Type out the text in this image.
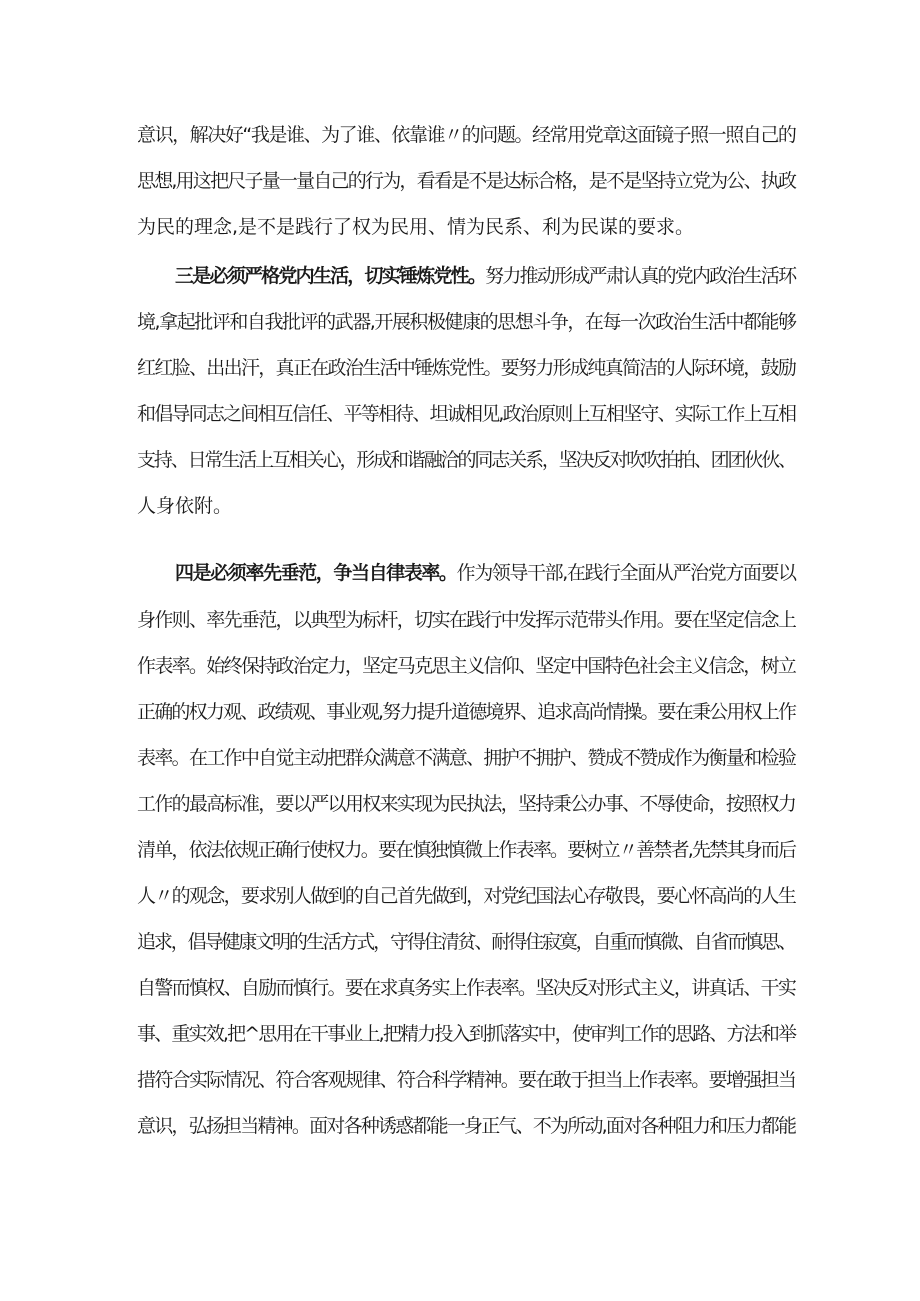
意识，解决好“我是谁、为了谁、依靠谁〃的问题。经常用党章这面镜子照一照自己的
思想,用这把尺子量一量自己的行为，看看是不是达标合格，是不是坚持立党为公、执政
为民的理念,是不是践行了权为民用、情为民系、利为民谋的要求。
三是必须严格党内生活，切实锤炼党性。努力推动形成严肃认真的党内政治生活环
境,拿起批评和自我批评的武器,开展积极健康的思想斗争，在每一次政治生活中都能够
红红脸、出出汗，真正在政治生活中锤炼党性。要努力形成纯真简洁的人际环境，鼓励
和倡导同志之间相互信任、平等相待、坦诚相见,政治原则上互相坚守、实际工作上互相
支持、日常生活上互相关心，形成和谐融洽的同志关系，坚决反对吹吹拍拍、团团伙伙、
人身依附。
四是必须率先垂范，争当自律表率。作为领导干部,在践行全面从严治党方面要以
身作则、率先垂范，以典型为标杆，切实在践行中发挥示范带头作用。要在坚定信念上
作表率。始终保持政治定力，坚定马克思主义信仰、坚定中国特色社会主义信念，树立
正确的权力观、政绩观、事业观,努力提升道德境界、追求高尚情操。要在秉公用权上作
表率。在工作中自觉主动把群众满意不满意、拥护不拥护、赞成不赞成作为衡量和检验
工作的最高标准，要以严以用权来实现为民执法，坚持秉公办事、不辱使命，按照权力
清单，依法依规正确行使权力。要在慎独慎微上作表率。要树立〃善禁者,先禁其身而后
人〃的观念，要求别人做到的自己首先做到，对党纪国法心存敬畏，要心怀高尚的人生
追求，倡导健康文明的生活方式，守得住清贫、耐得住寂寞，自重而慎微、自省而慎思、
自警而慎权、自励而慎行。要在求真务实上作表率。坚决反对形式主义，讲真话、干实
事、重实效,把^思用在干事业上,把精力投入到抓落实中，使审判工作的思路、方法和举
措符合实际情况、符合客观规律、符合科学精神。要在敢于担当上作表率。要增强担当
意识，弘扬担当精神。面对各种诱惑都能一身正气、不为所动,面对各种阻力和压力都能
